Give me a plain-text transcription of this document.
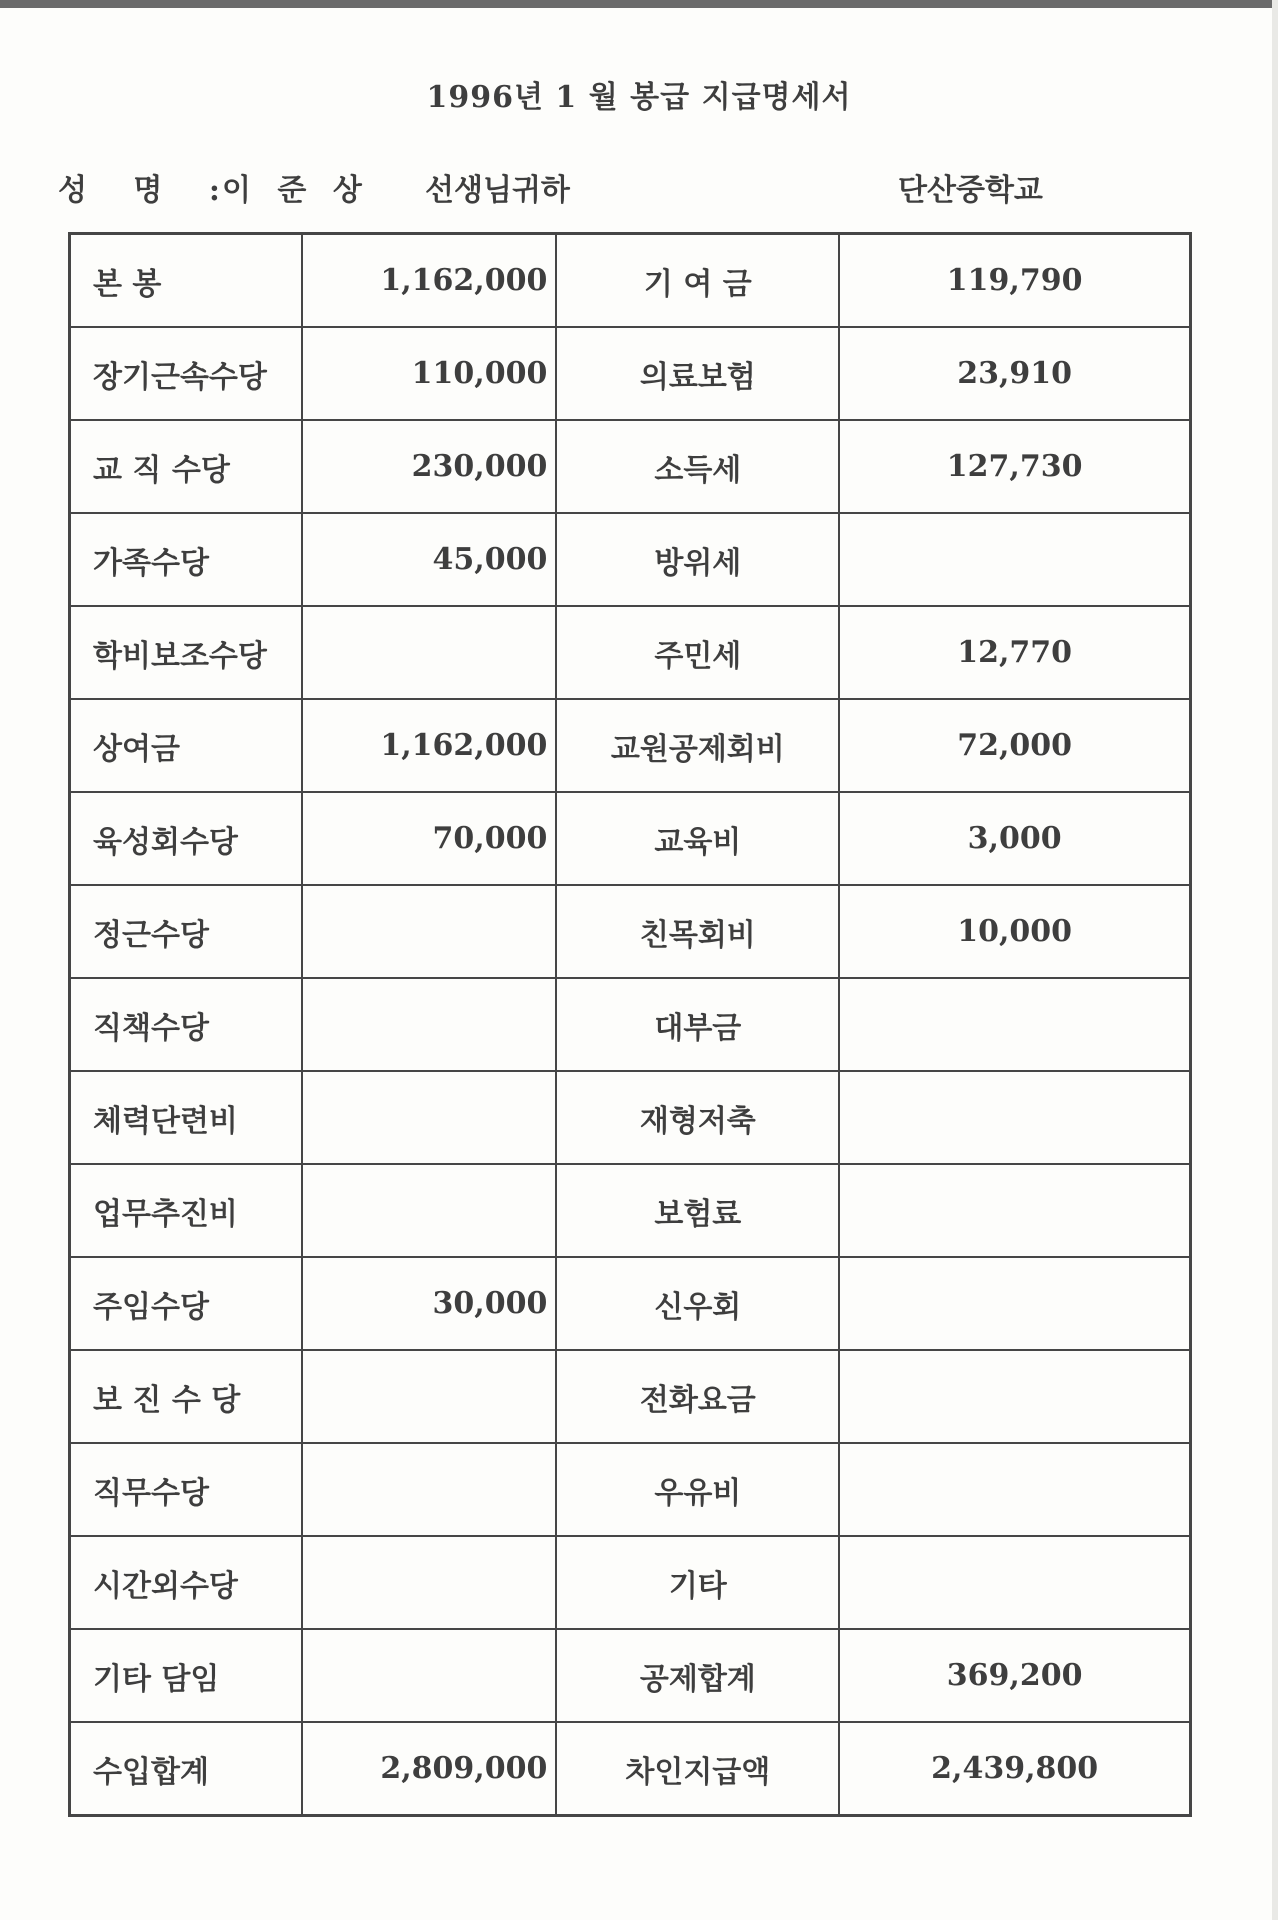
1996년 1 월 봉급 지급명세서
성 명 :
이 준 상 선생님귀하	단산중학교
본 봉	1,162,000	기 여 금	119,790
장기근속수당	110,000	의료보험	23,910
교 직 수당	230,000	소득세	127,730
가족수당	45,000	방위세	
학비보조수당		주민세	12,770
상여금	1,162,000	교원공제회비	72,000
육성회수당	70,000	교육비	3,000
정근수당		친목회비	10,000
직책수당		대부금	
체력단련비		재형저축	
업무추진비		보험료	
주임수당	30,000	신우회	
보 진 수 당		전화요금	
직무수당		우유비	
시간외수당		기타	
기타 담임		공제합계	369,200
수입합계	2,809,000	차인지급액	2,439,800
